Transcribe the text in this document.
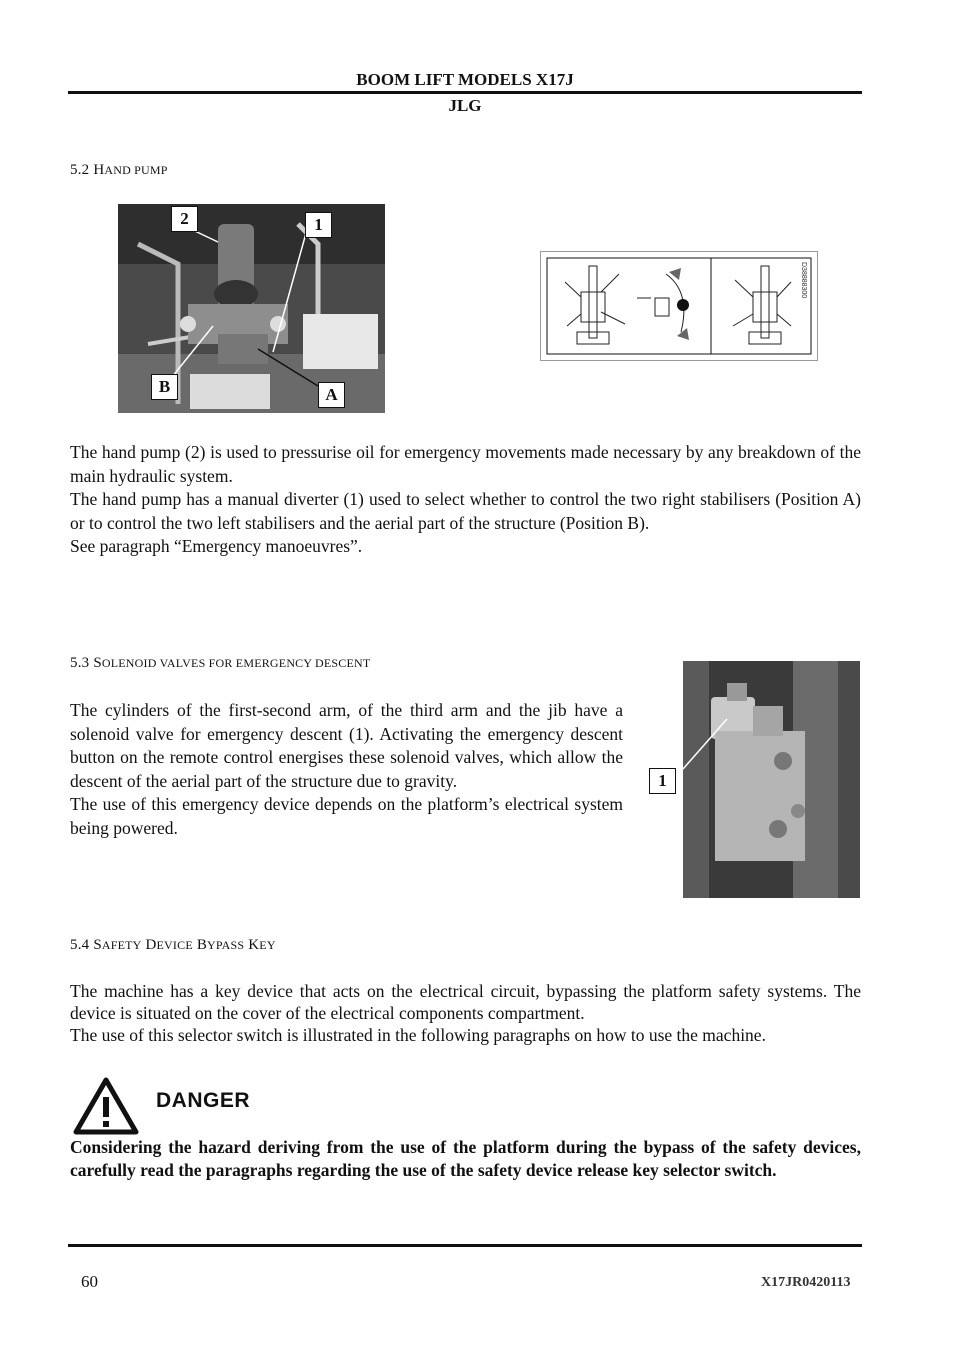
BOOM LIFT MODELS X17J
JLG
5.2 HAND PUMP
2	1
B	A
D38888300

The hand pump (2) is used to pressurise oil for emergency movements made necessary by any breakdown of the main hydraulic system.

The hand pump has a manual diverter (1) used to select whether to control the two right stabilisers (Position A) or to control the two left stabilisers and the aerial part of the structure (Position B).

See paragraph “Emergency manoeuvres”.

5.3 SOLENOID VALVES FOR EMERGENCY DESCENT

The cylinders of the first-second arm, of the third arm and the jib have a solenoid valve for emergency descent (1). Activating the emergency descent button on the remote control energises these solenoid valves, which allow the descent of the aerial part of the structure due to gravity.

The use of this emergency device depends on the platform’s electrical system being powered.

1
5.4 SAFETY DEVICE BYPASS KEY

The machine has a key device that acts on the electrical circuit, bypassing the platform safety systems. The device is situated on the cover of the electrical components compartment.

The use of this selector switch is illustrated in the following paragraphs on how to use the machine.

DANGER

Considering the hazard deriving from the use of the platform during the bypass of the safety devices, carefully read the paragraphs regarding the use of the safety device release key selector switch.

60	X17JR0420113
